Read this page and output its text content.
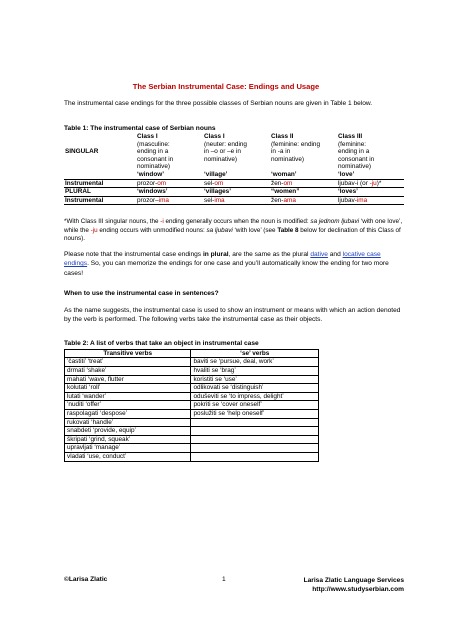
The Serbian Instrumental Case: Endings and Usage
The instrumental case endings for the three possible classes of Serbian nouns are given in Table 1 below.
Table 1: The instrumental case of Serbian nouns
SINGULAR	Class I	Class I	Class II	Class III
	(masculine:	(neuter: ending	(feminine: ending	(feminine:
	ending in a	in –o or –e in	in -a in	ending in a
	consonant in	nominative)	nominative)	consonant in
	nominative)			nominative)
	‘window’	‘village’	‘woman’	‘love’
Instrumental	prozor-om	sel-om	žen-om	ljubav-i (or -ju)*
PLURAL	‘windows’	‘villages’	“women”	‘loves’
Instrumental	prozor–ima	sel-ima	žen-ama	ljubav-ima
*With Class III singular nouns, the -i ending generally occurs when the noun is modified: sa jednom ljubavi ‘with one love’, while the -ju ending occurs with unmodified nouns: sa ljubavi ‘with love’ (see Table 8 below for declination of this Class of nouns).
Please note that the instrumental case endings in plural, are the same as the plural dative and locative case endings. So, you can memorize the endings for one case and you’ll automatically know the ending for two more cases!
When to use the instrumental case in sentences?
As the name suggests, the instrumental case is used to show an instrument or means with which an action denoted by the verb is performed. The following verbs take the instrumental case as their objects.
Table 2: A list of verbs that take an object in instrumental case
Transitive verbs	‘se’ verbs
’častiti’ ‘treat’	baviti se ‘pursue, deal, work’
drmati ‘shake’	hvaliti se ‘brag’
mahati ‘wave, flutter	koristiti se ‘use’
kolutati ‘roll’	odlikovati se ‘distinguish’
lutati ‘wander’	oduševiti se ‘to impress, delight’
’nuditi ‘offer’	pokriti se ‘cover oneself’
raspolagati ‘despose’	poslužiti se ‘help oneself’
rukovati ‘handle’	
snabdeti ‘provide, equip’	
škripati ‘grind, squeak’	
upravljati ‘manage’	
vladati ‘use, conduct’	
©Larisa Zlatic	1	Larisa Zlatic Language Services
http://www.studyserbian.com
